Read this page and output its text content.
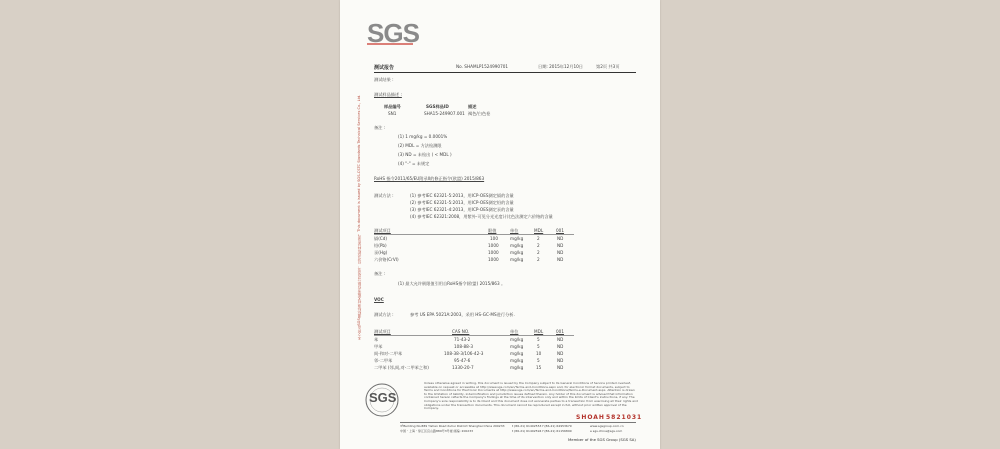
SGS
测试报告	No. SHAMLP1524990701	日期: 2015年12月10日	第2页 共3页
测试结果 :
测试样品描述 :
样品编号	SGS样品ID	描述
SN1	SHA15-249907.001 褐色/白色卷
备注 :
(1) 1 mg/kg = 0.0001%
(2) MDL = 方法检测限
(3) ND = 未检出 ( < MDL )
(4) "-" = 未规定
RoHS 指令2011/65/EU附录II的修正指令(欧盟) 2015/863
测试方法 :	(1) 参考IEC 62321-5:2013，用ICP-OES测定镉的含量
(2) 参考IEC 62321-5:2013，用ICP-OES测定铅的含量
(3) 参考IEC 62321-4:2013，用ICP-OES测定汞的含量
(4) 参考IEC 62321:2008，用紫外-可见分光光度计比色法测定六价铬的含量
测试项目	限值	单位	MDL	001
镉(Cd)	100	mg/kg	2	ND
铅(Pb)	1000	mg/kg	2	ND
汞(Hg)	1000	mg/kg	2	ND
六价铬(CrVI)	1000	mg/kg	2	ND
备注 :
(1) 最大允许极限值引用自RoHS指令(欧盟) 2015/863 。
VOC
测试方法 :	参考 US EPA 5021A:2003，采用 HS-GC-MS进行分析.
测试项目	CAS NO.	单位	MDL	001
苯	71-43-2	mg/kg	5	ND
甲苯	108-88-3	mg/kg	5	ND
间-和对-二甲苯	108-38-3/106-42-3	mg/kg	10	ND
邻-二甲苯	95-47-6	mg/kg	5	ND
二甲苯 (邻,间,对-二甲苯之和)	1330-20-7	mg/kg	15	ND
SGS
Unless otherwise agreed in writing, this document is issued by the Company subject to its General Conditions of Service printed overleaf, available on request or accessible at http://www.sgs.com/en/Terms-and-Conditions.aspx and, for electronic format documents, subject to Terms and Conditions for Electronic Documents at http://www.sgs.com/en/Terms-and-Conditions/Terms-e-Document.aspx. Attention is drawn to the limitation of liability, indemnification and jurisdiction issues defined therein. Any holder of this document is advised that information contained hereon reflects the Company's findings at the time of its intervention only and within the limits of Client's instructions, if any. The Company's sole responsibility is to its Client and this document does not exonerate parties to a transaction from exercising all their rights and obligations under the transaction documents. This document cannot be reproduced except in full, without prior written approval of the Company.
SHOAH 5821031
3ºBuilding No.889 Yishan Road Xuhui District Shanghai China 200233
中国・上海・徐汇区宜山路889号3号楼 邮编: 200233
t (86-21) 61402553 f (86-21) 64953679
t (86-21) 61402594 f (86-21) 61156899
www.sgsgroup.com.cn
e sgs.china@sgs.com
Member of the SGS Group (SGS SA)
本文件由SGS通标标准技术服务有限公司签发，仅对送检样品负责。This document is issued by SGS-CSTC Standards Technical Services Co., Ltd.
